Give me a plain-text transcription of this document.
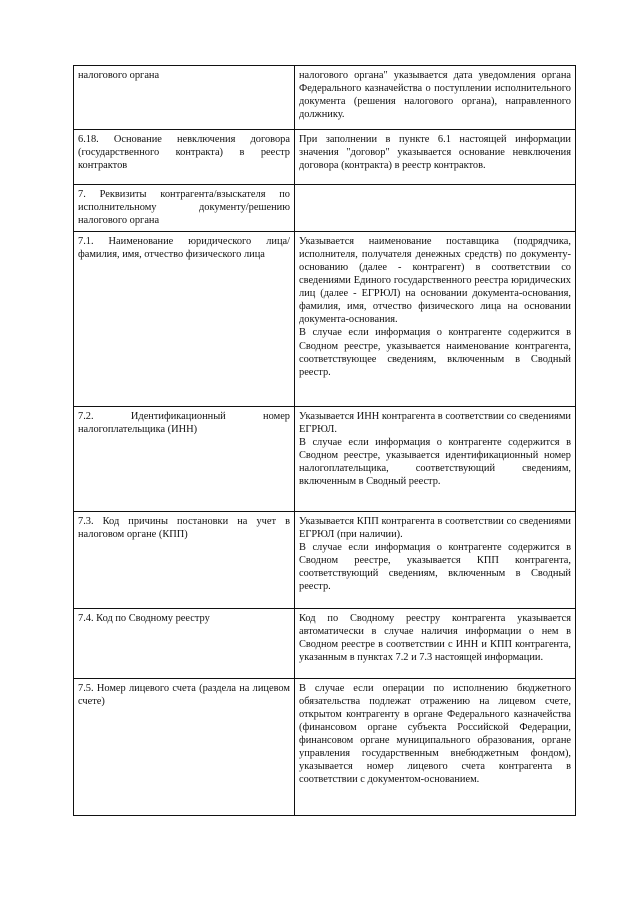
налогового органа	налогового органа" указывается дата уведомления органа Федерального казначейства о поступлении исполнительного документа (решения налогового органа), направленного должнику.

6.18. Основание невключения договора (государственного контракта) в реестр контрактов	При заполнении в пункте 6.1 настоящей информации значения "договор" указывается основание невключения договора (контракта) в реестр контрактов.

7. Реквизиты контрагента/взыскателя по исполнительному документу/решению налогового органа	

7.1. Наименование юридического лица/фамилия, имя, отчество физического лица	Указывается наименование поставщика (подрядчика, исполнителя, получателя денежных средств) по документу-основанию (далее - контрагент) в соответствии со сведениями Единого государственного реестра юридических лиц (далее - ЕГРЮЛ) на основании документа-основания, фамилия, имя, отчество физического лица на основании документа-основания.
В случае если информация о контрагенте содержится в Сводном реестре, указывается наименование контрагента, соответствующее сведениям, включенным в Сводный реестр.

7.2. Идентификационный номер налогоплательщика (ИНН)	Указывается ИНН контрагента в соответствии со сведениями ЕГРЮЛ.
В случае если информация о контрагенте содержится в Сводном реестре, указывается идентификационный номер налогоплательщика, соответствующий сведениям, включенным в Сводный реестр.

7.3. Код причины постановки на учет в налоговом органе (КПП)	Указывается КПП контрагента в соответствии со сведениями ЕГРЮЛ (при наличии).
В случае если информация о контрагенте содержится в Сводном реестре, указывается КПП контрагента, соответствующий сведениям, включенным в Сводный реестр.

7.4. Код по Сводному реестру	Код по Сводному реестру контрагента указывается автоматически в случае наличия информации о нем в Сводном реестре в соответствии с ИНН и КПП контрагента, указанным в пунктах 7.2 и 7.3 настоящей информации.

7.5. Номер лицевого счета (раздела на лицевом счете)	В случае если операции по исполнению бюджетного обязательства подлежат отражению на лицевом счете, открытом контрагенту в органе Федерального казначейства (финансовом органе субъекта Российской Федерации, финансовом органе муниципального образования, органе управления государственным внебюджетным фондом), указывается номер лицевого счета контрагента в соответствии с документом-основанием.
